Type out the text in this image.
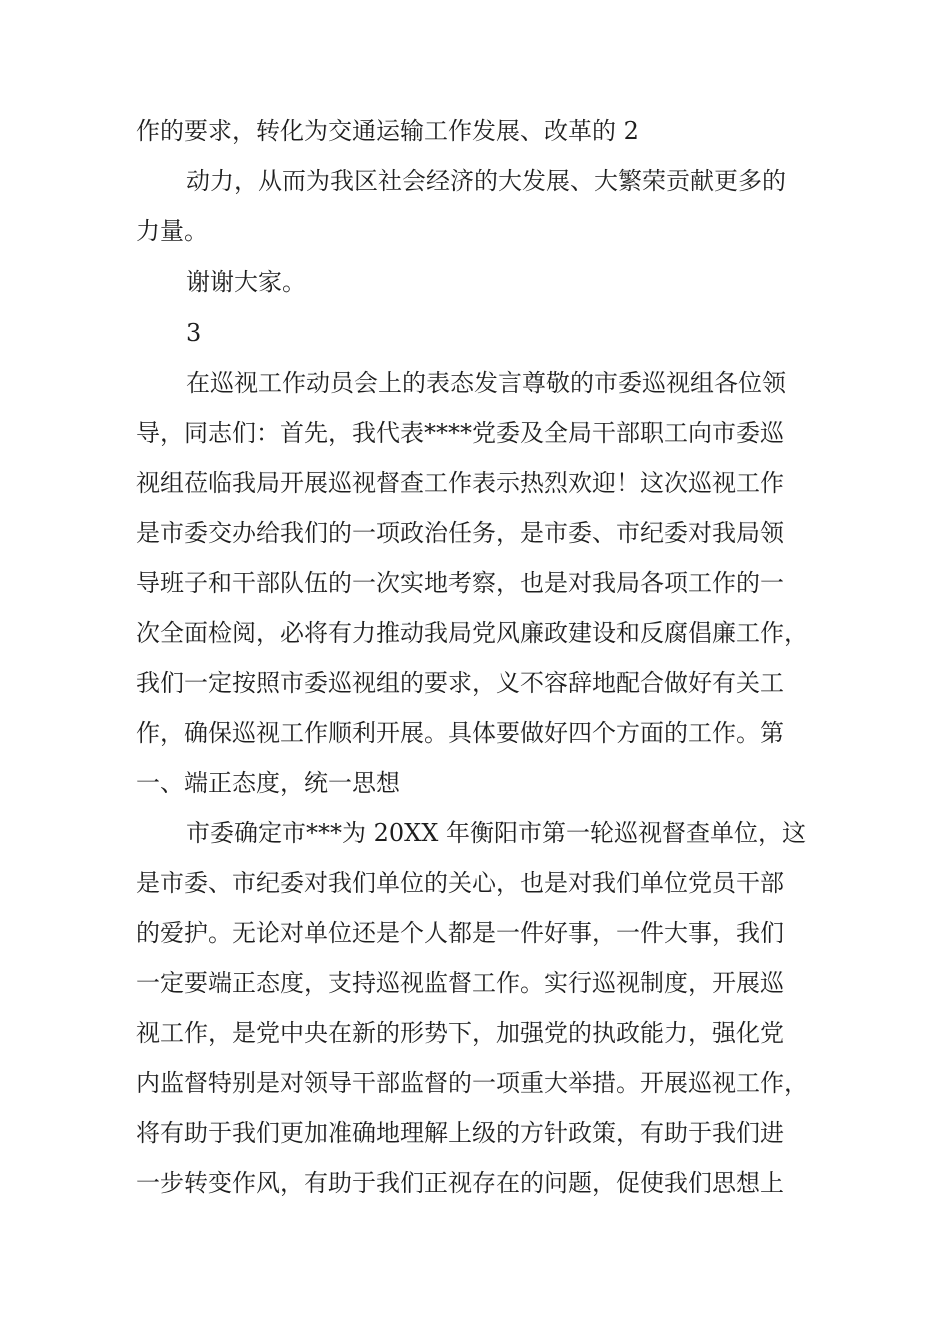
作的要求，转化为交通运输工作发展、改革的 2

动力，从而为我区社会经济的大发展、大繁荣贡献更多的

力量。

谢谢大家。

3

在巡视工作动员会上的表态发言尊敬的市委巡视组各位领

导，同志们：首先，我代表****党委及全局干部职工向市委巡

视组莅临我局开展巡视督查工作表示热烈欢迎！这次巡视工作

是市委交办给我们的一项政治任务，是市委、市纪委对我局领

导班子和干部队伍的一次实地考察，也是对我局各项工作的一

次全面检阅，必将有力推动我局党风廉政建设和反腐倡廉工作，

我们一定按照市委巡视组的要求，义不容辞地配合做好有关工

作，确保巡视工作顺利开展。具体要做好四个方面的工作。第

一、端正态度，统一思想

市委确定市***为 20XX 年衡阳市第一轮巡视督查单位，这

是市委、市纪委对我们单位的关心，也是对我们单位党员干部

的爱护。无论对单位还是个人都是一件好事，一件大事，我们

一定要端正态度，支持巡视监督工作。实行巡视制度，开展巡

视工作，是党中央在新的形势下，加强党的执政能力，强化党

内监督特别是对领导干部监督的一项重大举措。开展巡视工作，

将有助于我们更加准确地理解上级的方针政策，有助于我们进

一步转变作风，有助于我们正视存在的问题，促使我们思想上
